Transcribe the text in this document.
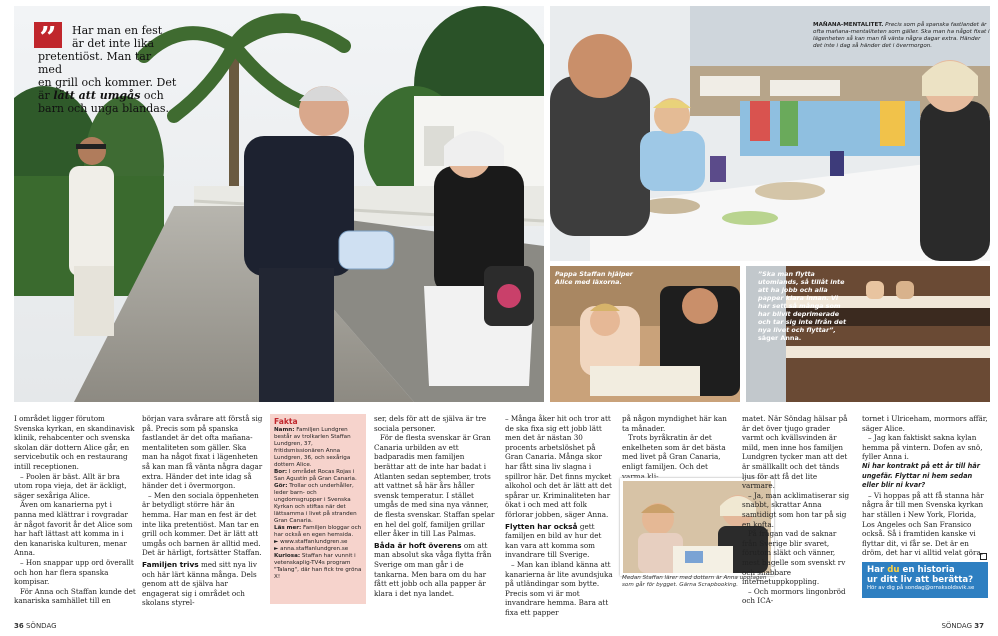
”	Har man en fest
är det inte lika
pretentiöst. Man tar med
en grill och kommer. Det
är lätt att umgås och
barn och unga blandas.
MAÑANA-MENTALITET. Precis som på spanska fastlandet är ofta mañana-mentaliteten som gäller. Ska man ha något fixat i lägenheten så kan man få vänta några dagar extra. Händer det inte i dag så händer det i övermorgon.
Pappa Staffan hjälper Alice med läxorna.
”Ska man flytta utomlands, så tillåt inte att ha jobb och alla papper klara innan. Vi har sett så många som har blivit deprimerade och tar sig inte ifrån det nya livet och flyttar”, säger Anna.

I området ligger förutom Svenska kyrkan, en skandinavisk klinik, rehabcenter och svenska skolan där dottern Alice går, en servicebutik och en restaurang intill receptionen.

– Poolen är bäst. Allt är bra utom ropa vieja, det är äckligt, säger sexåriga Alice.

Även om kanarierna pyt i panna med klättrar i rovgradar är något favorit år det Alice som har haft lättast att komma in i den kanariska kulturen, menar Anna.

– Hon snappar upp ord överallt och hon har flera spanska kompisar.

För Anna och Staffan kunde det kanariska samhället till en

början vara svårare att förstå sig på. Precis som på spanska fastlandet är det ofta mañana-mentaliteten som gäller. Ska man ha något fixat i lägenheten så kan man få vänta några dagar extra. Händer det inte idag så händer det i övermorgon.

– Men den sociala öppenheten är betydligt större här än hemma. Har man en fest är det inte lika pretentiöst. Man tar en grill och kommer. Det är lätt att umgås och barnen är alltid med. Det är härligt, fortsätter Staffan.

Familjen trivs med sitt nya liv och här lärt känna många. Dels genom att de själva har engagerat sig i området och skolans styrel-

Fakta
Namn: Familjen Lundgren består av trolkarlen Staffan Lundgren, 37, fritidsmissionären Anna Lundgren, 36, och sexåriga dottern Alice.
Bor: I området Rocas Rojas i San Agustín på Gran Canaria.
Gör: Trollar och underhåller, leder barn- och ungdomsgrupper i Svenska Kyrkan och stiftas när det lättsamma i livet på stranden Gran Canaria.
Läs mer: Familjen bloggar och har också en egen hemsida.
► www.staffanlundgren.se
► anna.staffanlundgren.se
Kuriosa: Staffan har vunnit i vetenskaplig-TV4s program "Talang", där han fick tre gröna X!

ser, dels för att de själva är tre sociala personer.

För de flesta svenskar är Gran Canaria urbilden av ett badparadis men familjen berättar att de inte har badat i Atlanten sedan september, trots att vattnet så här års håller svensk temperatur. I stället umgås de med sina nya vänner, de flesta svenskar. Staffan spelar en hel del golf, familjen grillar eller åker in till Las Palmas.

Båda är hoft överens om att man absolut ska våga flytta från Sverige om man går i de tankarna. Men bara om du har fått ett jobb och alla papper är klara i det nya landet.

– Många åker hit och tror att de ska fixa sig ett jobb lätt men det är nästan 30 procents arbetslöshet på Gran Canaria. Många skor har fått sina liv slagna i spillror här. Det finns mycket alkohol och det är lätt att det spårar ur. Kriminaliteten har ökat i och med att folk förlorar jobben, säger Anna.

Flytten har också gett familjen en bild av hur det kan vara att komma som invandrare till Sverige.

– Man kan ibland känna att kanarierna är lite avundsjuka på utländingar som bytte. Precis som vi är mot invandrare hemma. Bara att fixa ett papper

på någon myndighet här kan ta månader.

Trots byråkratin är det enkelheten som är det bästa med livet på Gran Canaria, enligt familjen. Och det varma kli-

Medan Staffan lärer med dottern är Anna upptagen som går för bygget. Gärna Scrapbooking.

matet. När Söndag hälsar på är det över tjugo grader varmt och kvällsvinden är mild, men inne hos familjen Lundgren tycker man att det är smällkallt och det tänds ljus för att få det lite varmare.

– Ja, man acklimatiserar sig snabbt, skrattar Anna samtidigt som hon tar på sig en kofta.

På frågan vad de saknar från Sverige blir svaret, förutom släkt och vänner, mest bagelle som svenskt rv och snabbare internetuppkoppling.

– Och mormors lingonbröd och ICA-

tornet i Ulriceham, mormors affär, säger Alice.

– Jag kan faktiskt sakna kylan hemma på vintern. Dofen av snö, fyller Anna i.

Ni har kontrakt på ett år till här ungefär. Flyttar ni hem sedan eller blir ni kvar?

– Vi hoppas på att få stanna här några år till men Svenska kyrkan har ställen i New York, Florida, Los Angeles och San Fransico också. Så i framtiden kanske vi flyttar dit, vi får se. Det är en dröm, det har vi alltid velat göra.

Har du en historia
ur ditt liv att berätta?
Hör av dig på sondag@ornsksoldsvik.se
36 SÖNDAG	SÖNDAG 37
